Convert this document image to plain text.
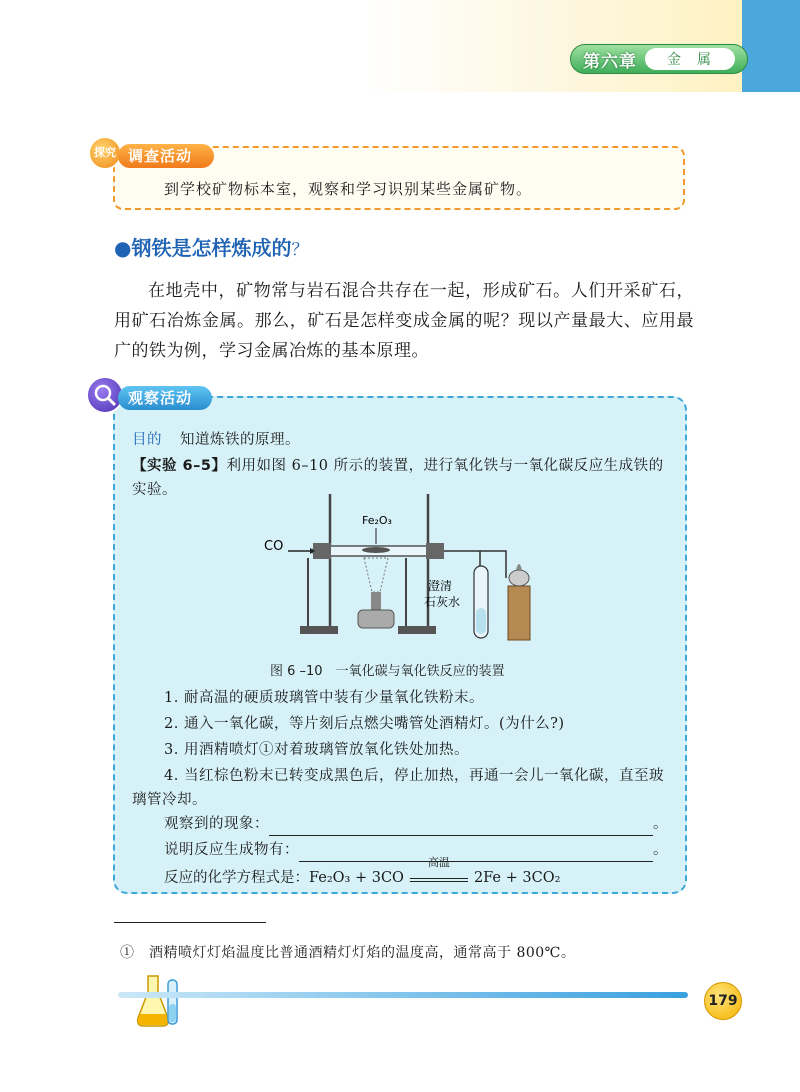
第六章	金属
探究 调查活动
到学校矿物标本室，观察和学习识别某些金属矿物。
●钢铁是怎样炼成的？
在地壳中，矿物常与岩石混合共存在一起，形成矿石。人们开采矿石，用矿石冶炼金属。那么，矿石是怎样变成金属的呢？现以产量最大、应用最广的铁为例，学习金属冶炼的基本原理。
观察活动
目的 知道炼铁的原理。
【实验 6–5】利用如图 6–10 所示的装置，进行氧化铁与一氧化碳反应生成铁的实验。
CO
Fe₂O₃
澄清
石灰水
图 6 –10　一氧化碳与氧化铁反应的装置
1. 耐高温的硬质玻璃管中装有少量氧化铁粉末。
2. 通入一氧化碳，等片刻后点燃尖嘴管处酒精灯。(为什么?)
3. 用酒精喷灯①对着玻璃管放氧化铁处加热。
4. 当红棕色粉末已转变成黑色后，停止加热，再通一会儿一氧化碳，直至玻璃管冷却。
观察到的现象：	。
说明反应生成物有：	。
反应的化学方程式是：Fe₂O₃ + 3CO
高温
2Fe + 3CO₂
①　酒精喷灯灯焰温度比普通酒精灯灯焰的温度高，通常高于 800℃。
179
